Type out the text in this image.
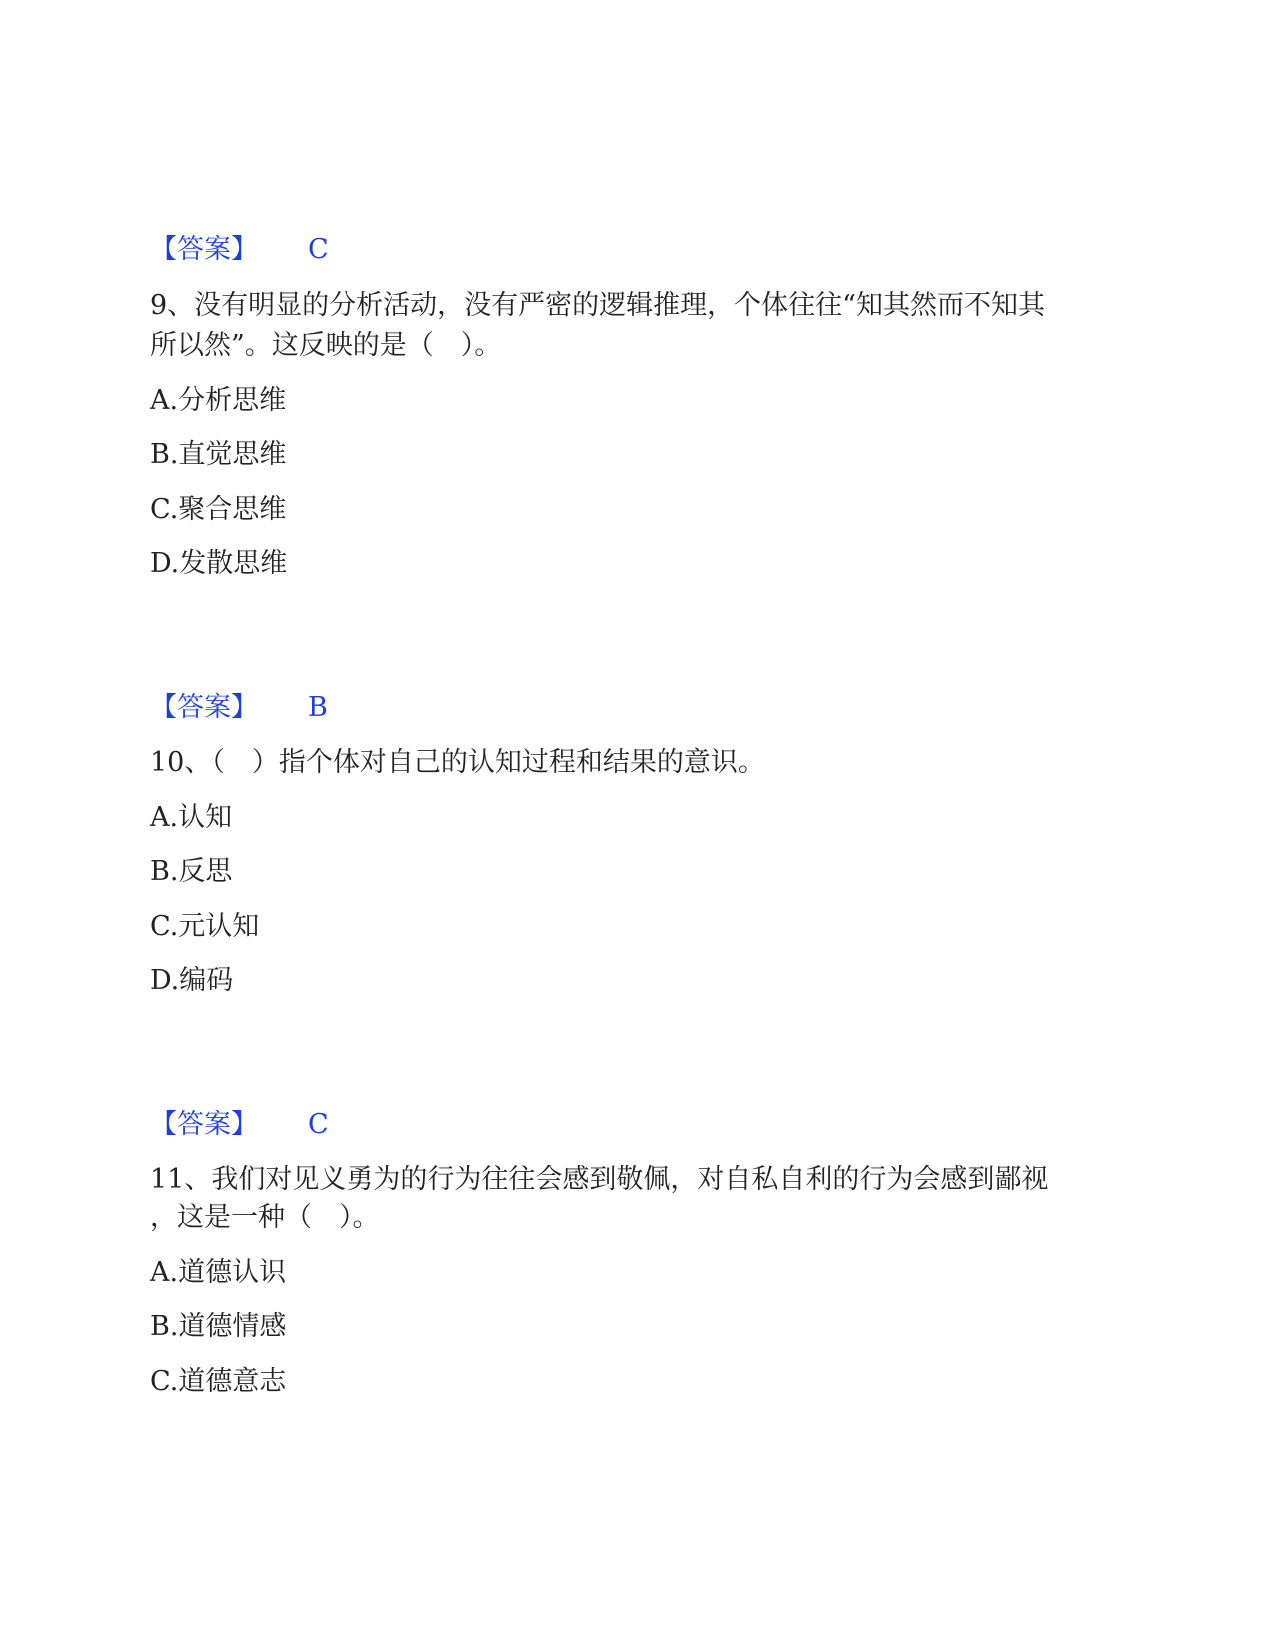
【答案】 C
9、没有明显的分析活动，没有严密的逻辑推理，个体往往“知其然而不知其
所以然”。这反映的是（　）。
A.分析思维
B.直觉思维
C.聚合思维
D.发散思维
【答案】 B
10、（　）指个体对自己的认知过程和结果的意识。
A.认知
B.反思
C.元认知
D.编码
【答案】 C
11、我们对见义勇为的行为往往会感到敬佩，对自私自利的行为会感到鄙视
，这是一种（　）。
A.道德认识
B.道德情感
C.道德意志
